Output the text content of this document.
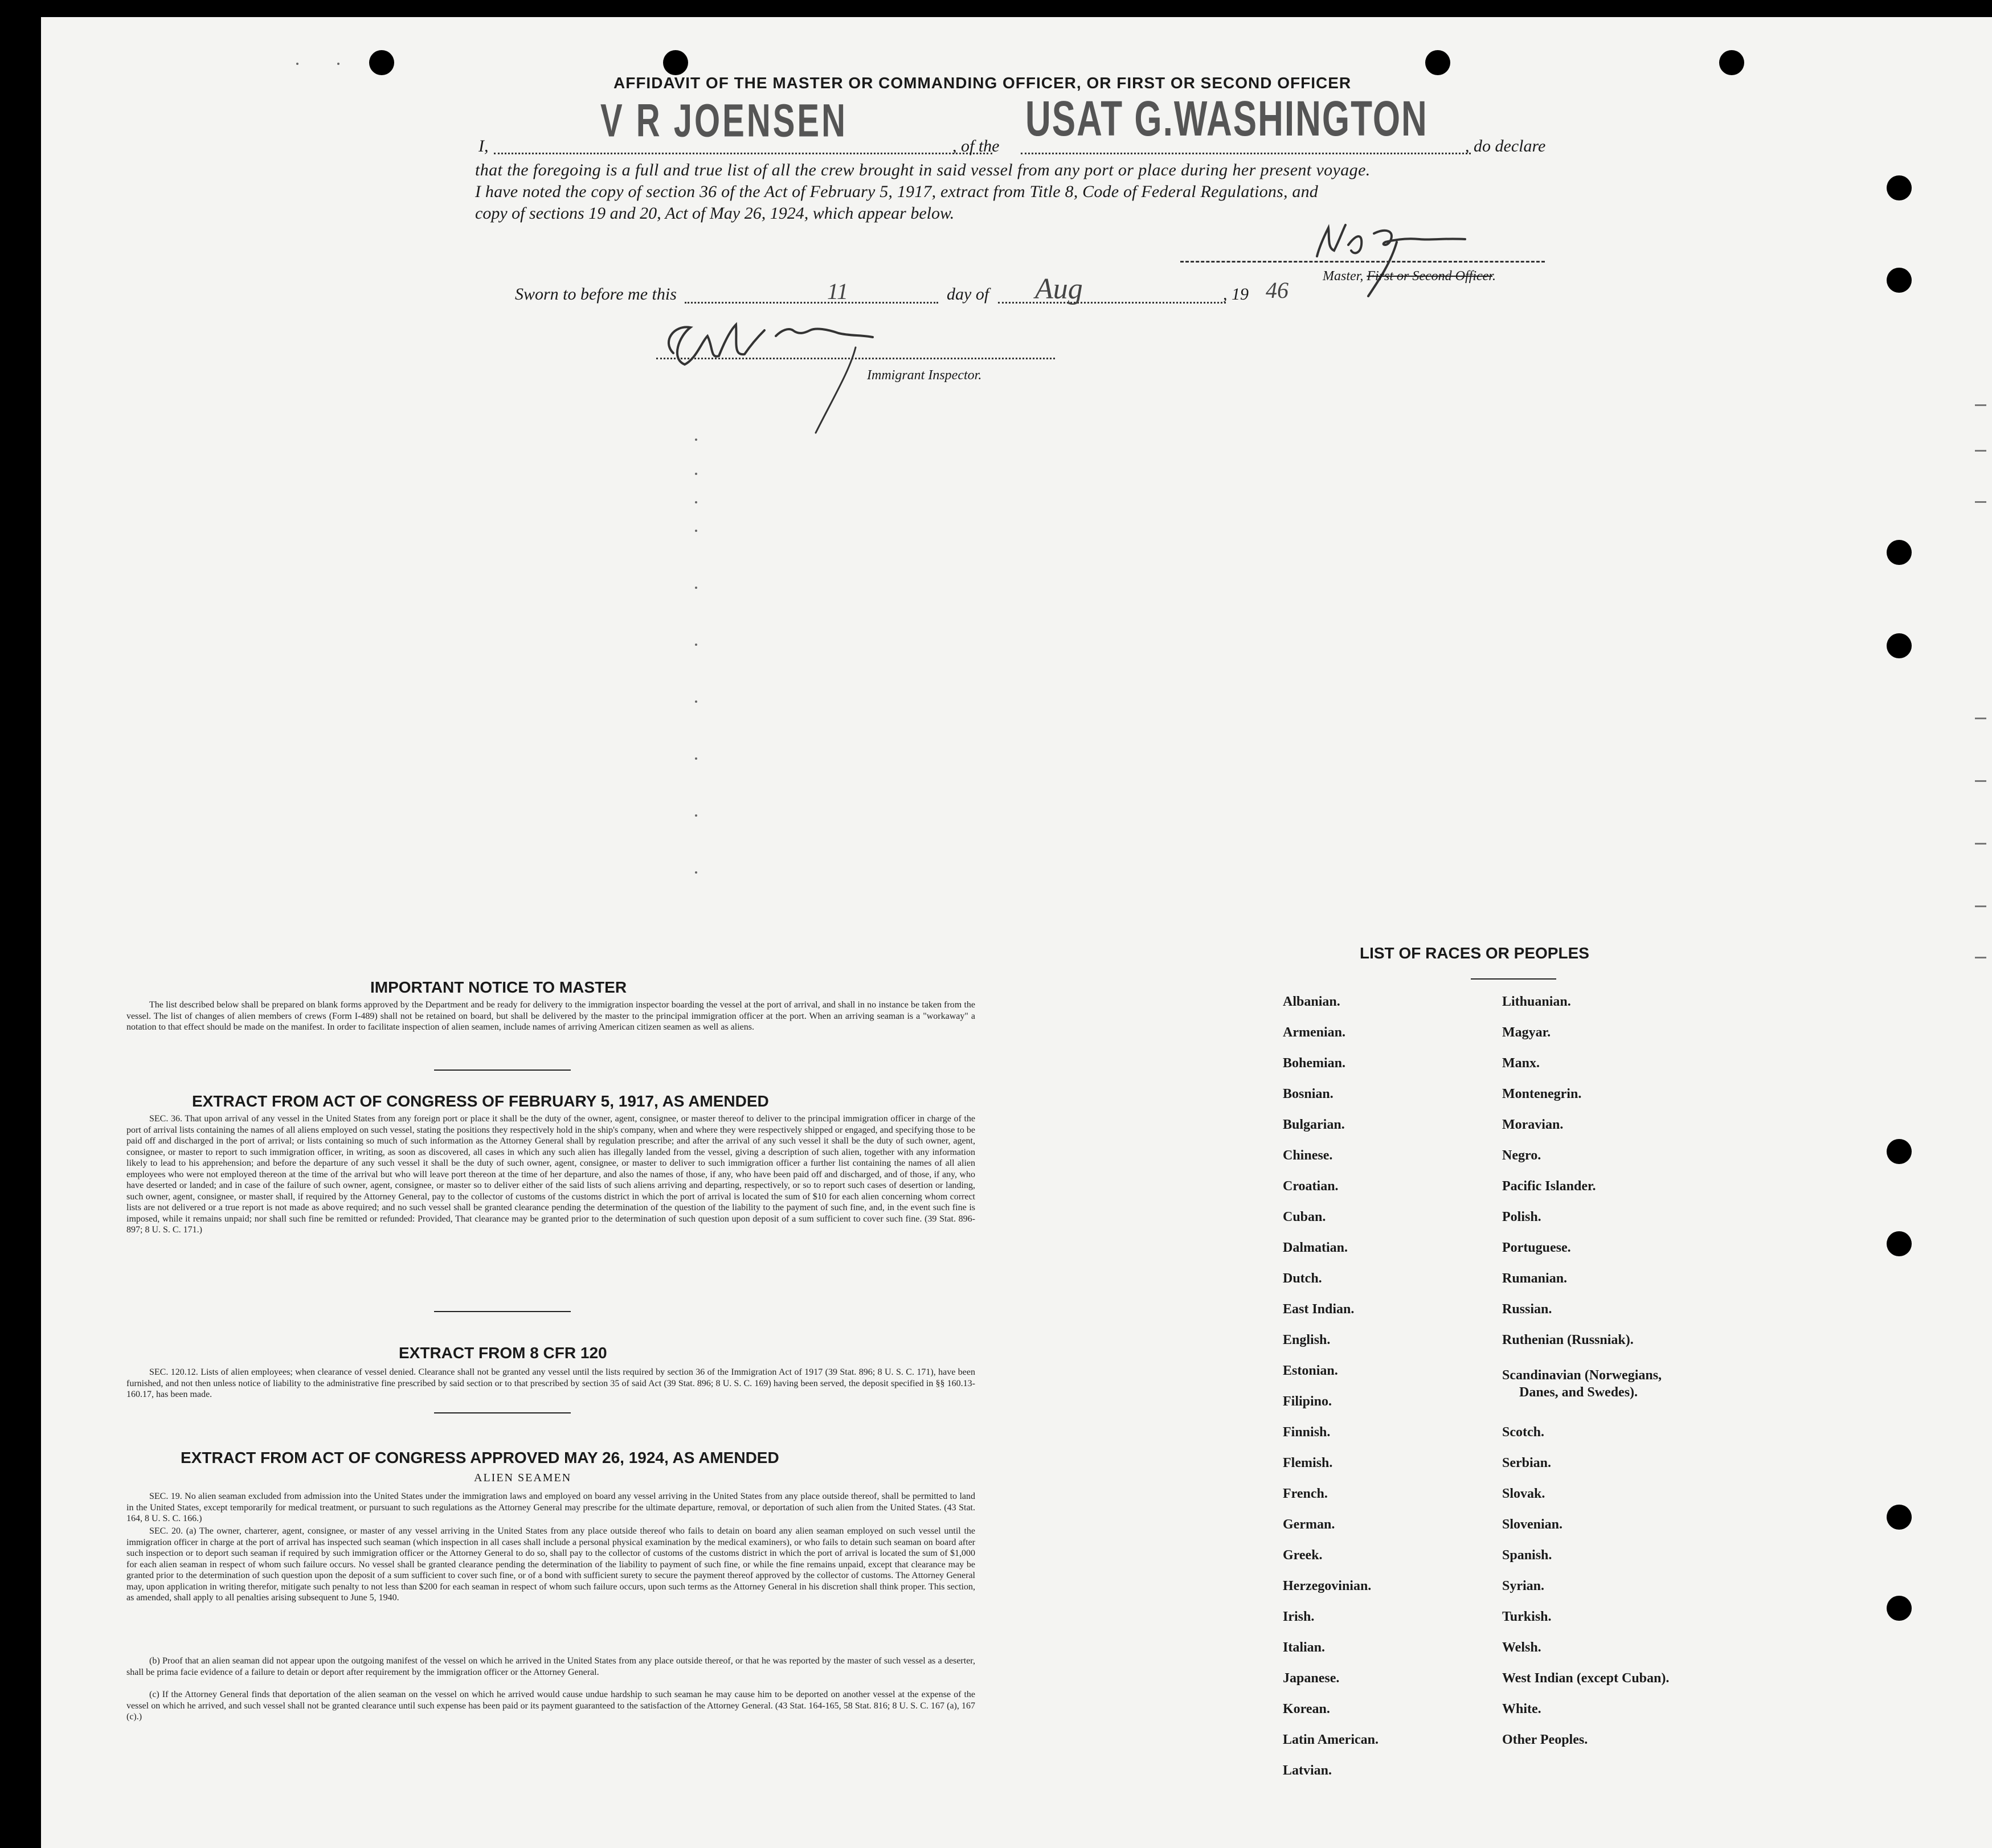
AFFIDAVIT OF THE MASTER OR COMMANDING OFFICER, OR FIRST OR SECOND OFFICER
I,	V R JOENSEN	, of the USAT G.WASHINGTON , do declare
that the foregoing is a full and true list of all the crew brought in said vessel from any port or place during her present voyage.
I have noted the copy of section 36 of the Act of February 5, 1917, extract from Title 8, Code of Federal Regulations, and
copy of sections 19 and 20, Act of May 26, 1924, which appear below.
Master, First or Second Officer.
Sworn to before me this	11	day of Aug	, 19 46
Immigrant Inspector.
IMPORTANT NOTICE TO MASTER
The list described below shall be prepared on blank forms approved by the Department and be ready for delivery to the immigration inspector boarding the vessel at the port of arrival, and shall in no instance be taken from the vessel. The list of changes of alien members of crews (Form I-489) shall not be retained on board, but shall be delivered by the master to the principal immigration officer at the port. When an arriving seaman is a "workaway" a notation to that effect should be made on the manifest. In order to facilitate inspection of alien seamen, include names of arriving American citizen seamen as well as aliens.
EXTRACT FROM ACT OF CONGRESS OF FEBRUARY 5, 1917, AS AMENDED
SEC. 36. That upon arrival of any vessel in the United States from any foreign port or place it shall be the duty of the owner, agent, consignee, or master thereof to deliver to the principal immigration officer in charge of the port of arrival lists containing the names of all aliens employed on such vessel, stating the positions they respectively hold in the ship's company, when and where they were respectively shipped or engaged, and specifying those to be paid off and discharged in the port of arrival; or lists containing so much of such information as the Attorney General shall by regulation prescribe; and after the arrival of any such vessel it shall be the duty of such owner, agent, consignee, or master to report to such immigration officer, in writing, as soon as discovered, all cases in which any such alien has illegally landed from the vessel, giving a description of such alien, together with any information likely to lead to his apprehension; and before the departure of any such vessel it shall be the duty of such owner, agent, consignee, or master to deliver to such immigration officer a further list containing the names of all alien employees who were not employed thereon at the time of the arrival but who will leave port thereon at the time of her departure, and also the names of those, if any, who have been paid off and discharged, and of those, if any, who have deserted or landed; and in case of the failure of such owner, agent, consignee, or master so to deliver either of the said lists of such aliens arriving and departing, respectively, or so to report such cases of desertion or landing, such owner, agent, consignee, or master shall, if required by the Attorney General, pay to the collector of customs of the customs district in which the port of arrival is located the sum of $10 for each alien concerning whom correct lists are not delivered or a true report is not made as above required; and no such vessel shall be granted clearance pending the determination of the question of the liability to the payment of such fine, and, in the event such fine is imposed, while it remains unpaid; nor shall such fine be remitted or refunded: Provided, That clearance may be granted prior to the determination of such question upon deposit of a sum sufficient to cover such fine. (39 Stat. 896-897; 8 U. S. C. 171.)
EXTRACT FROM 8 CFR 120
SEC. 120.12. Lists of alien employees; when clearance of vessel denied. Clearance shall not be granted any vessel until the lists required by section 36 of the Immigration Act of 1917 (39 Stat. 896; 8 U. S. C. 171), have been furnished, and not then unless notice of liability to the administrative fine prescribed by said section or to that prescribed by section 35 of said Act (39 Stat. 896; 8 U. S. C. 169) having been served, the deposit specified in §§ 160.13-160.17, has been made.
EXTRACT FROM ACT OF CONGRESS APPROVED MAY 26, 1924, AS AMENDED
ALIEN SEAMEN
SEC. 19. No alien seaman excluded from admission into the United States under the immigration laws and employed on board any vessel arriving in the United States from any place outside thereof, shall be permitted to land in the United States, except temporarily for medical treatment, or pursuant to such regulations as the Attorney General may prescribe for the ultimate departure, removal, or deportation of such alien from the United States. (43 Stat. 164, 8 U. S. C. 166.)
SEC. 20. (a) The owner, charterer, agent, consignee, or master of any vessel arriving in the United States from any place outside thereof who fails to detain on board any alien seaman employed on such vessel until the immigration officer in charge at the port of arrival has inspected such seaman (which inspection in all cases shall include a personal physical examination by the medical examiners), or who fails to detain such seaman on board after such inspection or to deport such seaman if required by such immigration officer or the Attorney General to do so, shall pay to the collector of customs of the customs district in which the port of arrival is located the sum of $1,000 for each alien seaman in respect of whom such failure occurs. No vessel shall be granted clearance pending the determination of the liability to payment of such fine, or while the fine remains unpaid, except that clearance may be granted prior to the determination of such question upon the deposit of a sum sufficient to cover such fine, or of a bond with sufficient surety to secure the payment thereof approved by the collector of customs. The Attorney General may, upon application in writing therefor, mitigate such penalty to not less than $200 for each seaman in respect of whom such failure occurs, upon such terms as the Attorney General in his discretion shall think proper. This section, as amended, shall apply to all penalties arising subsequent to June 5, 1940.
(b) Proof that an alien seaman did not appear upon the outgoing manifest of the vessel on which he arrived in the United States from any place outside thereof, or that he was reported by the master of such vessel as a deserter, shall be prima facie evidence of a failure to detain or deport after requirement by the immigration officer or the Attorney General.
(c) If the Attorney General finds that deportation of the alien seaman on the vessel on which he arrived would cause undue hardship to such seaman he may cause him to be deported on another vessel at the expense of the vessel on which he arrived, and such vessel shall not be granted clearance until such expense has been paid or its payment guaranteed to the satisfaction of the Attorney General. (43 Stat. 164-165, 58 Stat. 816; 8 U. S. C. 167 (a), 167 (c).)
LIST OF RACES OR PEOPLES
Albanian.
Armenian.
Bohemian.
Bosnian.
Bulgarian.
Chinese.
Croatian.
Cuban.
Dalmatian.
Dutch.
East Indian.
English.
Estonian.
Filipino.
Finnish.
Flemish.
French.
German.
Greek.
Herzegovinian.
Irish.
Italian.
Japanese.
Korean.
Latin American.
Latvian.
Lithuanian.
Magyar.
Manx.
Montenegrin.
Moravian.
Negro.
Pacific Islander.
Polish.
Portuguese.
Rumanian.
Russian.
Ruthenian (Russniak).
Scandinavian (Norwegians,
Danes, and Swedes).
Scotch.
Serbian.
Slovak.
Slovenian.
Spanish.
Syrian.
Turkish.
Welsh.
West Indian (except Cuban).
White.
Other Peoples.
